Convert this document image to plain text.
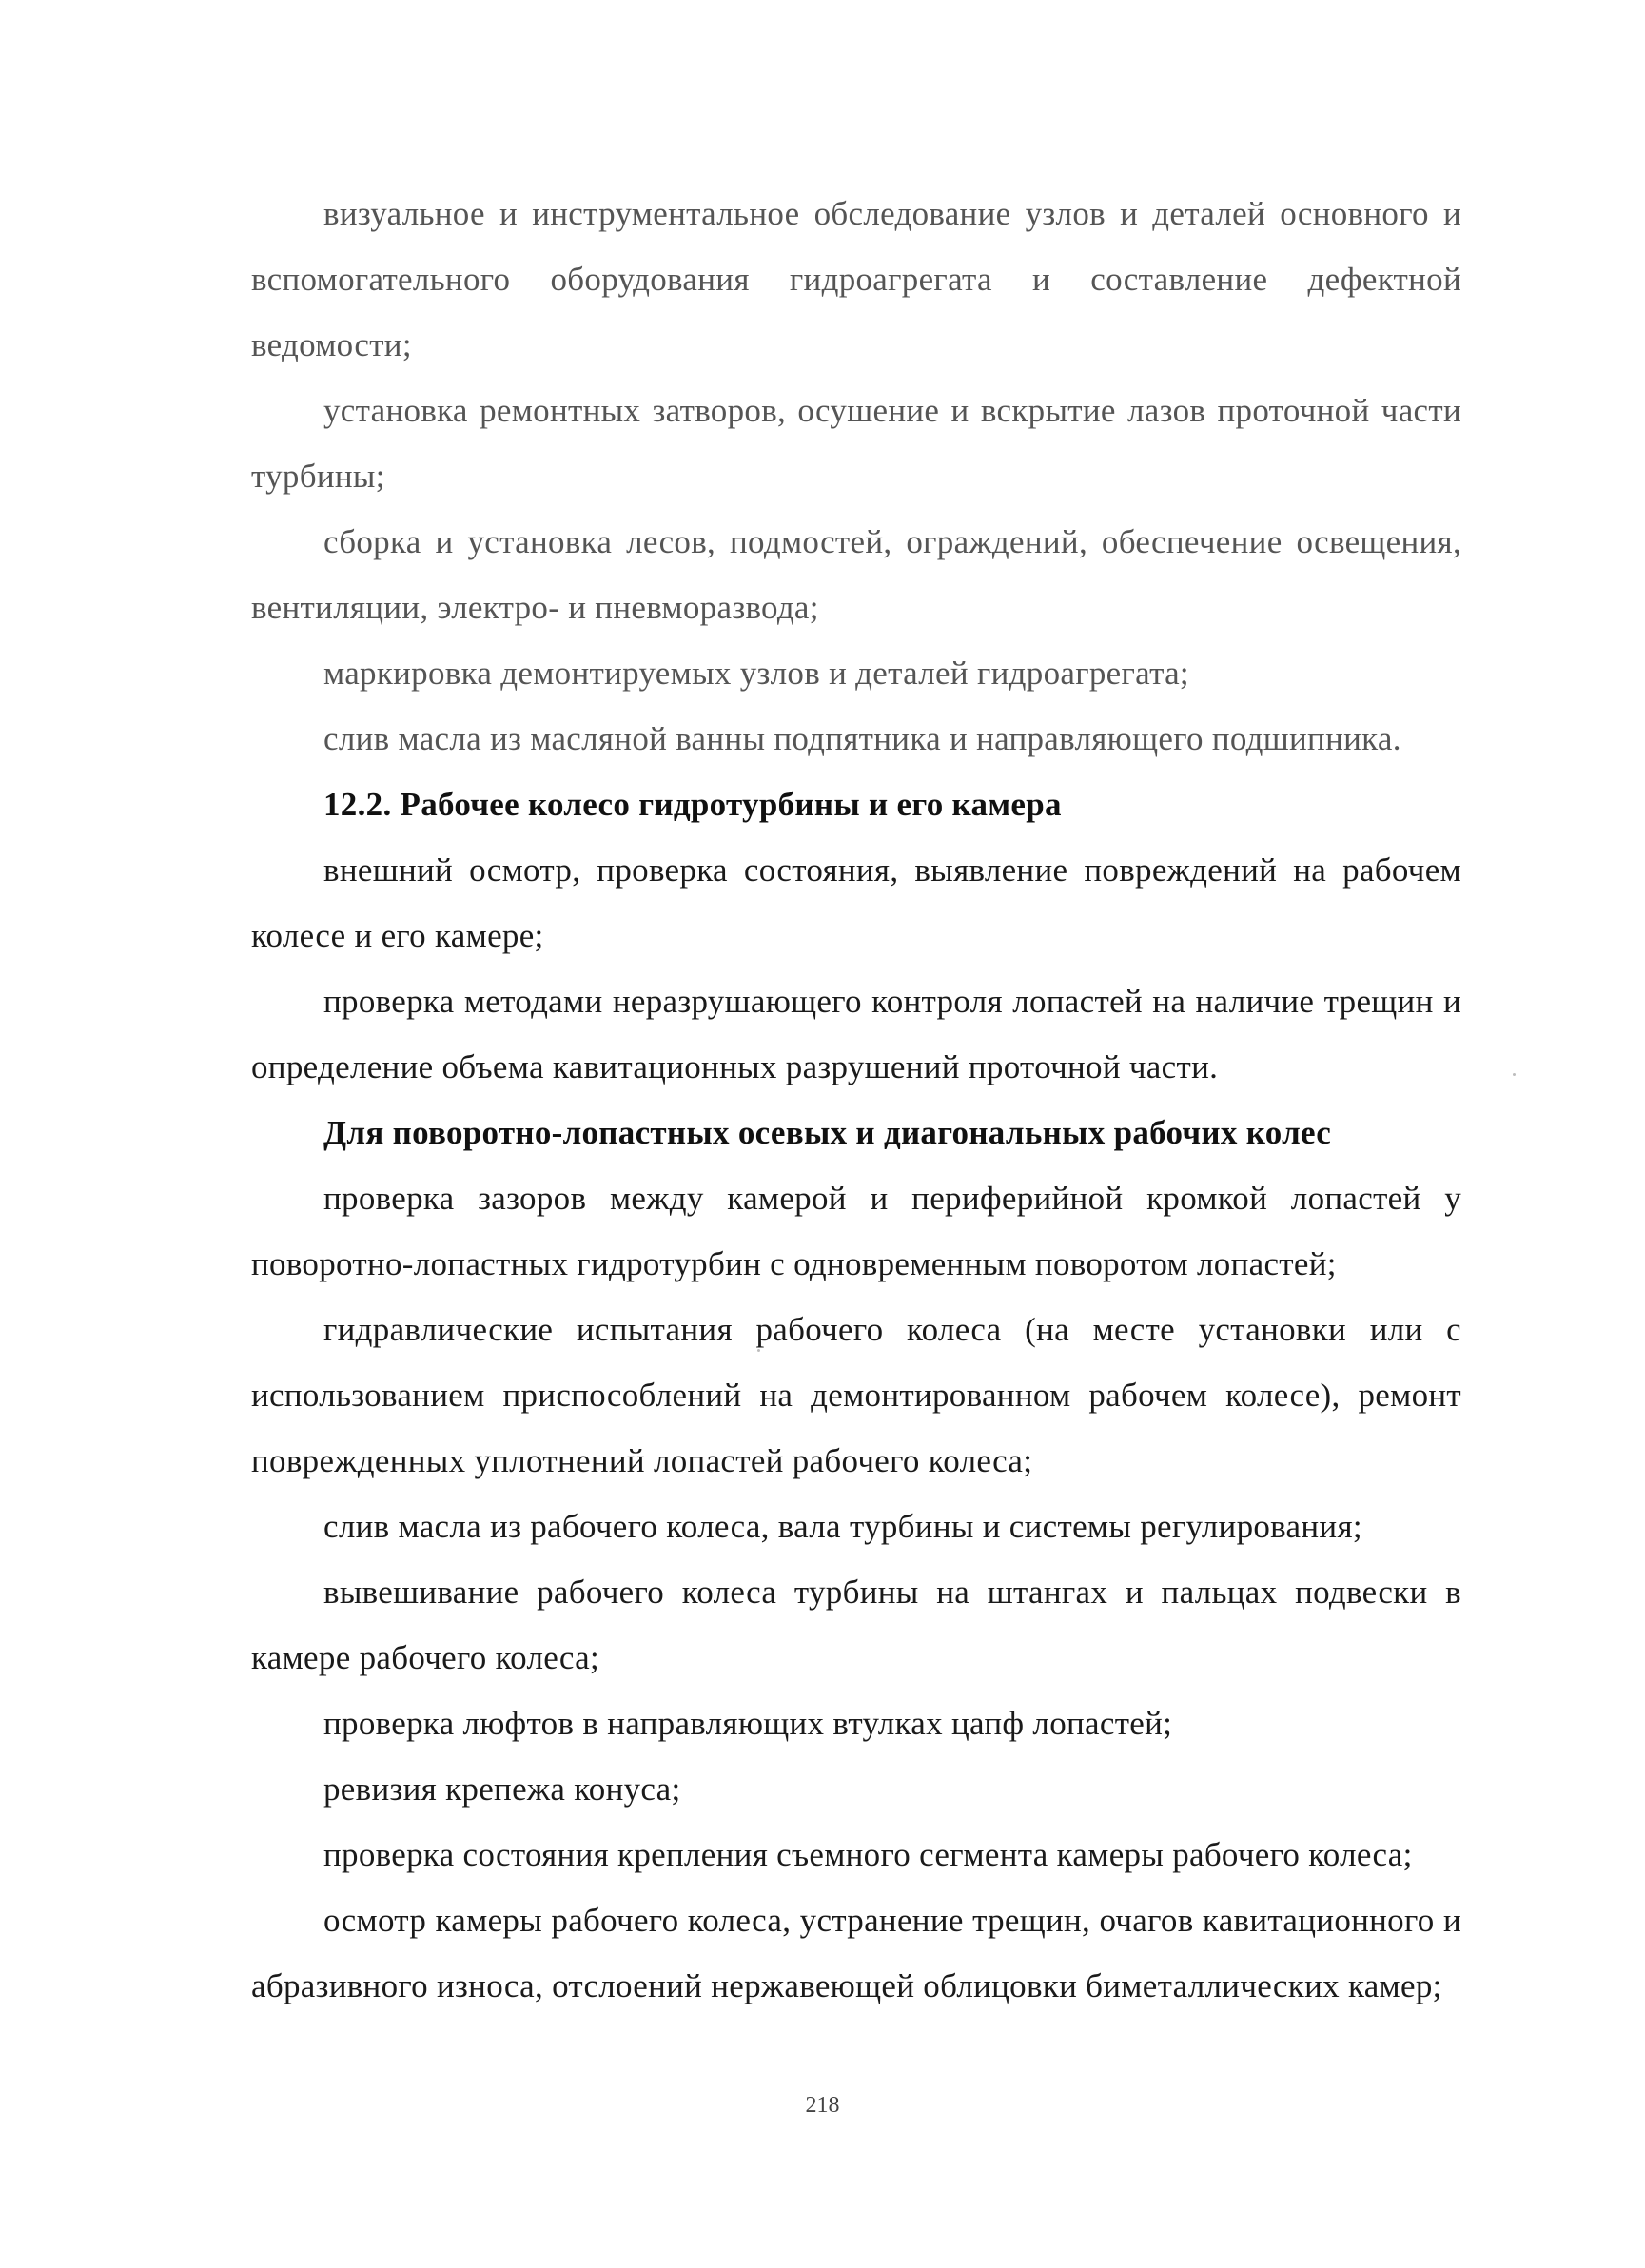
визуальное и инструментальное обследование узлов и деталей основного и вспомогательного оборудования гидроагрегата и составление дефектной ведомости;

установка ремонтных затворов, осушение и вскрытие лазов проточной части турбины;

сборка и установка лесов, подмостей, ограждений, обеспечение освещения, вентиляции, электро- и пневморазвода;

маркировка демонтируемых узлов и деталей гидроагрегата;

слив масла из масляной ванны подпятника и направляющего подшипника.

12.2. Рабочее колесо гидротурбины и его камера

внешний осмотр, проверка состояния, выявление повреждений на рабочем колесе и его камере;

проверка методами неразрушающего контроля лопастей на наличие трещин и определение объема кавитационных разрушений проточной части.

Для поворотно-лопастных осевых и диагональных рабочих колес

проверка зазоров между камерой и периферийной кромкой лопастей у поворотно-лопастных гидротурбин с одновременным поворотом лопастей;

гидравлические испытания рабочего колеса (на месте установки или с использованием приспособлений на демонтированном рабочем колесе), ремонт поврежденных уплотнений лопастей рабочего колеса;

слив масла из рабочего колеса, вала турбины и системы регулирования;

вывешивание рабочего колеса турбины на штангах и пальцах подвески в камере рабочего колеса;

проверка люфтов в направляющих втулках цапф лопастей;

ревизия крепежа конуса;

проверка состояния крепления съемного сегмента камеры рабочего колеса;

осмотр камеры рабочего колеса, устранение трещин, очагов кавитационного и абразивного износа, отслоений нержавеющей облицовки биметаллических камер;

218
